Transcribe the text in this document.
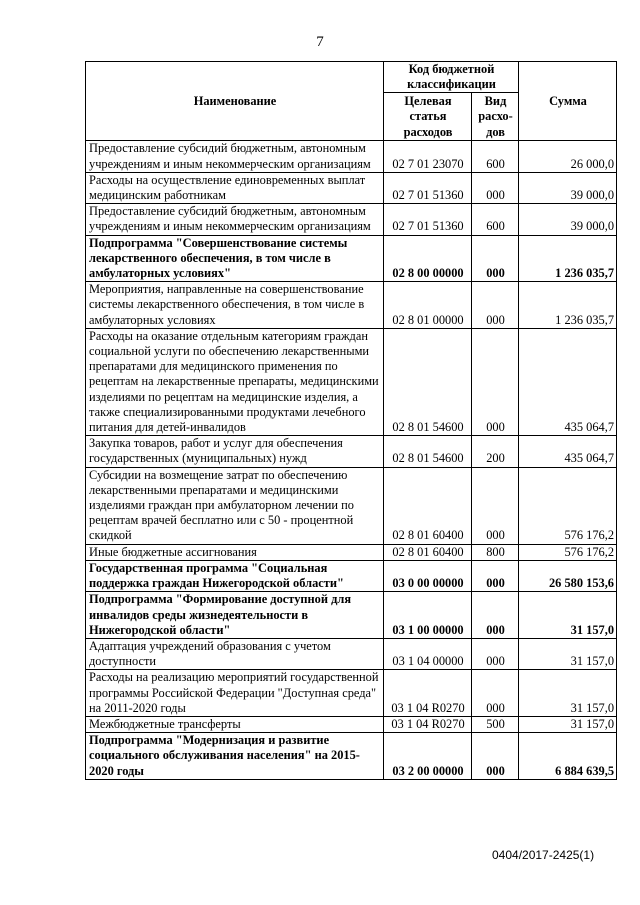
7
Наименование	Код бюджетной классификации		Сумма
	Целевая статья расходов	Вид расхо-дов	
Предоставление субсидий бюджетным, автономным учреждениям и иным некоммерческим организациям	02 7 01 23070	600	26 000,0
Расходы на осуществление единовременных выплат медицинским работникам	02 7 01 51360	000	39 000,0
Предоставление субсидий бюджетным, автономным учреждениям и иным некоммерческим организациям	02 7 01 51360	600	39 000,0
Подпрограмма "Совершенствование системы лекарственного обеспечения, в том числе в амбулаторных условиях"	02 8 00 00000	000	1 236 035,7
Мероприятия, направленные на совершенствование системы лекарственного обеспечения, в том числе в амбулаторных условиях	02 8 01 00000	000	1 236 035,7
Расходы на оказание отдельным категориям граждан социальной услуги по обеспечению лекарственными препаратами для медицинского применения по рецептам на лекарственные препараты, медицинскими изделиями по рецептам на медицинские изделия, а также специализированными продуктами лечебного питания для детей-инвалидов	02 8 01 54600	000	435 064,7
Закупка товаров, работ и услуг для обеспечения государственных (муниципальных) нужд	02 8 01 54600	200	435 064,7
Субсидии на возмещение затрат по обеспечению лекарственными препаратами и медицинскими изделиями граждан при амбулаторном лечении по рецептам врачей бесплатно или с 50 - процентной скидкой	02 8 01 60400	000	576 176,2
Иные бюджетные ассигнования	02 8 01 60400	800	576 176,2
Государственная программа "Социальная поддержка граждан Нижегородской области"	03 0 00 00000	000	26 580 153,6
Подпрограмма "Формирование доступной для инвалидов среды жизнедеятельности в Нижегородской области"	03 1 00 00000	000	31 157,0
Адаптация учреждений образования с учетом доступности	03 1 04 00000	000	31 157,0
Расходы на реализацию мероприятий государственной программы Российской Федерации "Доступная среда" на 2011-2020 годы	03 1 04 R0270	000	31 157,0
Межбюджетные трансферты	03 1 04 R0270	500	31 157,0
Подпрограмма "Модернизация и развитие социального обслуживания населения" на 2015-2020 годы	03 2 00 00000	000	6 884 639,5
0404/2017-2425(1)
